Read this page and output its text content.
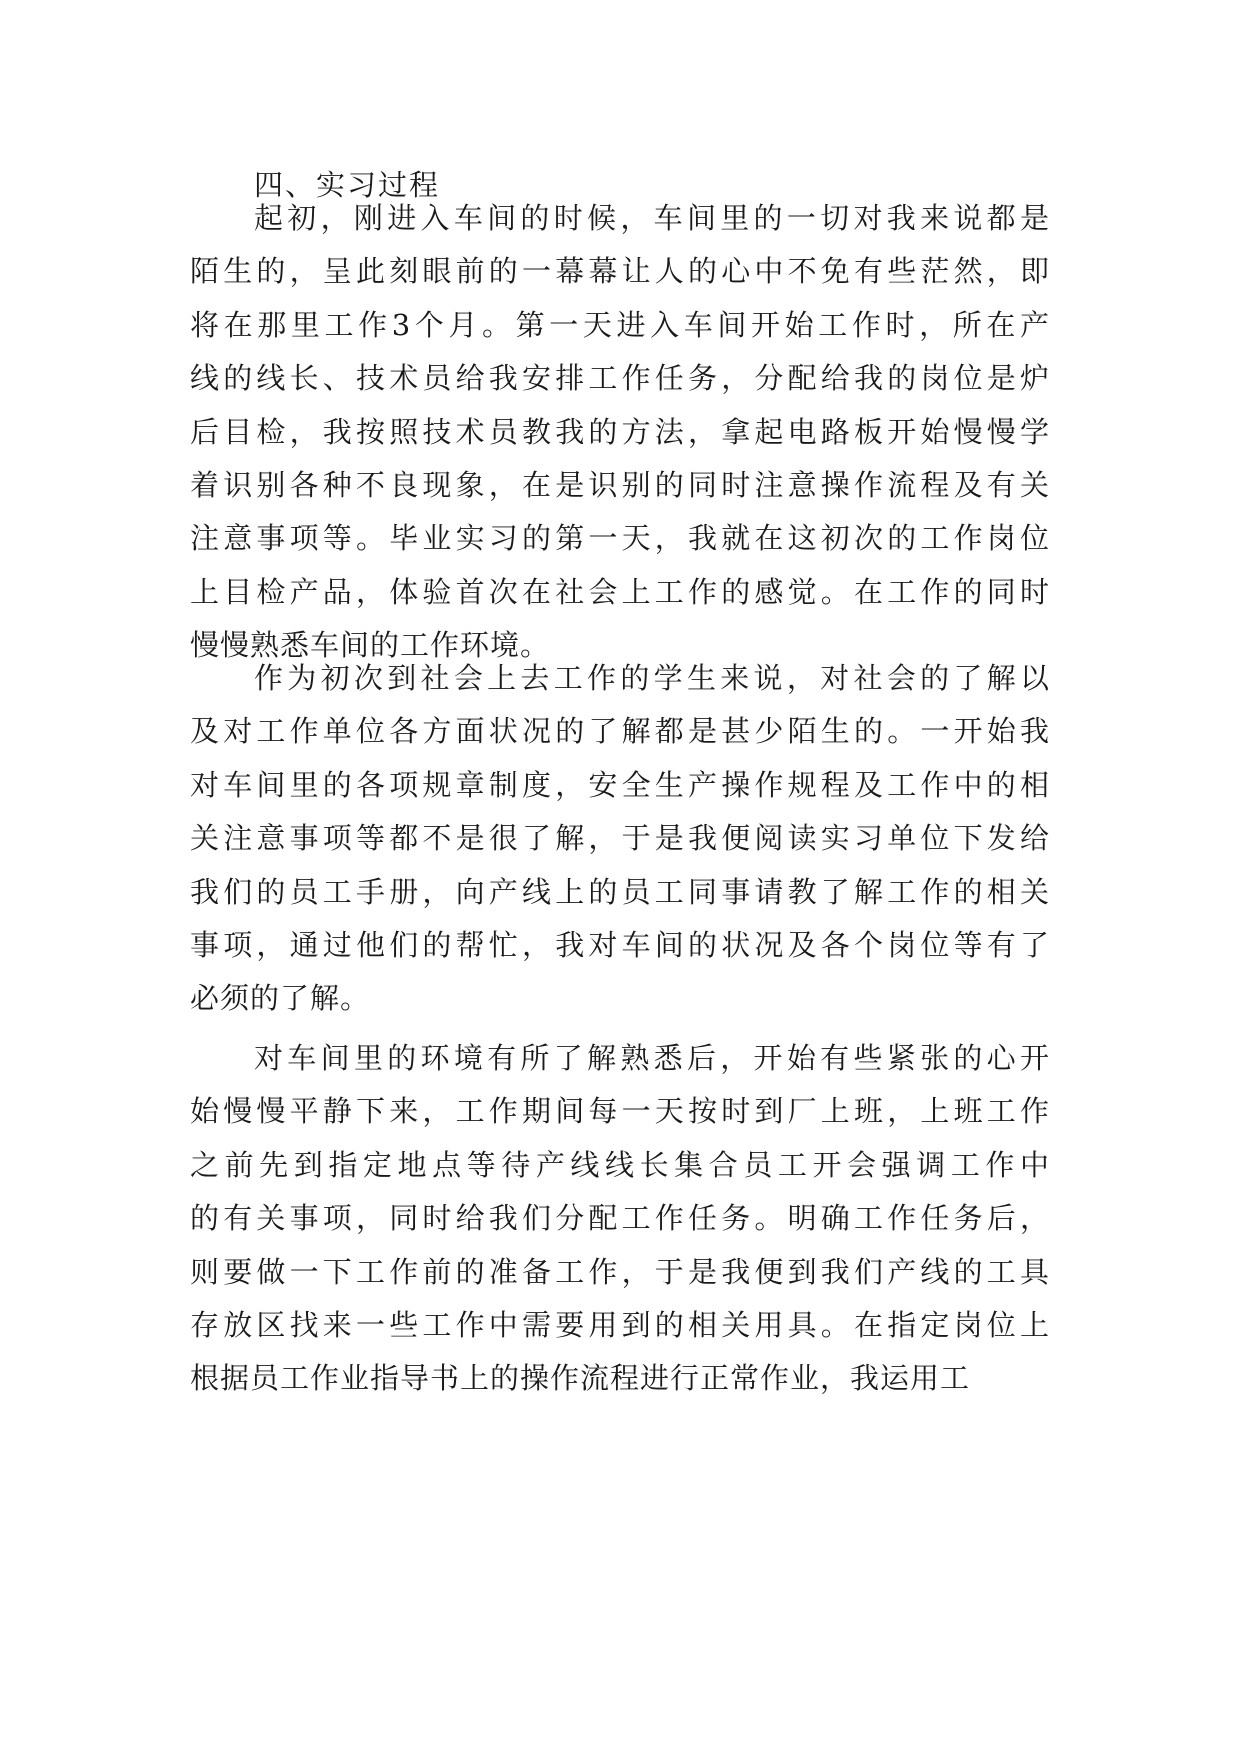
四、实习过程
起初，刚进入车间的时候，车间里的一切对我来说都是
陌生的，呈此刻眼前的一幕幕让人的心中不免有些茫然，即
将在那里工作3个月。第一天进入车间开始工作时，所在产
线的线长、技术员给我安排工作任务，分配给我的岗位是炉
后目检，我按照技术员教我的方法，拿起电路板开始慢慢学
着识别各种不良现象，在是识别的同时注意操作流程及有关
注意事项等。毕业实习的第一天，我就在这初次的工作岗位
上目检产品，体验首次在社会上工作的感觉。在工作的同时
慢慢熟悉车间的工作环境。
作为初次到社会上去工作的学生来说，对社会的了解以
及对工作单位各方面状况的了解都是甚少陌生的。一开始我
对车间里的各项规章制度，安全生产操作规程及工作中的相
关注意事项等都不是很了解，于是我便阅读实习单位下发给
我们的员工手册，向产线上的员工同事请教了解工作的相关
事项，通过他们的帮忙，我对车间的状况及各个岗位等有了
必须的了解。
对车间里的环境有所了解熟悉后，开始有些紧张的心开
始慢慢平静下来，工作期间每一天按时到厂上班，上班工作
之前先到指定地点等待产线线长集合员工开会强调工作中
的有关事项，同时给我们分配工作任务。明确工作任务后，
则要做一下工作前的准备工作，于是我便到我们产线的工具
存放区找来一些工作中需要用到的相关用具。在指定岗位上
根据员工作业指导书上的操作流程进行正常作业，我运用工
